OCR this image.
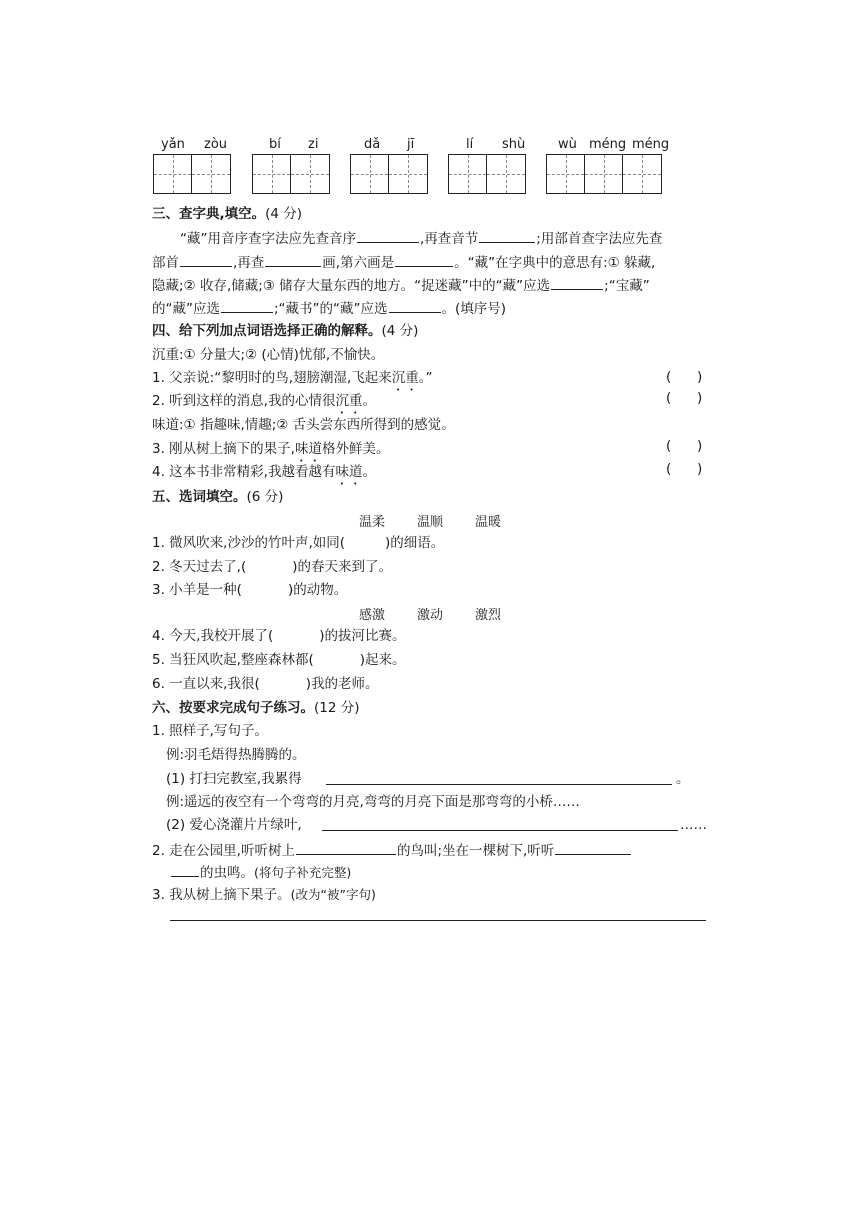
yǎn zòu	bí zi	dǎ jī	lí shù	wù méng méng
三、查字典,填空。(4 分)
“藏”用音序查字法应先查音序	,再查音节	;用部首查字法应先查
部首	,再查	画,第六画是	。“藏”在字典中的意思有:① 躲藏,
隐藏;② 收存,储藏;③ 储存大量东西的地方。“捉迷藏”中的“藏”应选	;“宝藏”
的“藏”应选	;“藏书”的“藏”应选	。(填序号)
四、给下列加点词语选择正确的解释。(4 分)
沉重:① 分量大;② (心情)忧郁,不愉快。
1. 父亲说:“黎明时的鸟,翅膀潮湿,飞起来沉重。”	(      )
2. 听到这样的消息,我的心情很沉重。	(      )
味道:① 指趣味,情趣;② 舌头尝东西所得到的感觉。
3. 刚从树上摘下的果子,味道格外鲜美。	(      )
4. 这本书非常精彩,我越看越有味道。	(      )
五、选词填空。(6 分)
温柔 温顺 温暖
1. 微风吹来,沙沙的竹叶声,如同(	)的细语。
2. 冬天过去了,(	)的春天来到了。
3. 小羊是一种(	)的动物。
感激 激动 激烈
4. 今天,我校开展了(	)的拔河比赛。
5. 当狂风吹起,整座森林都(	)起来。
6. 一直以来,我很(	)我的老师。
六、按要求完成句子练习。(12 分)
1. 照样子,写句子。
例:羽毛焐得热腾腾的。
(1) 打扫完教室,我累得	。
例:遥远的夜空有一个弯弯的月亮,弯弯的月亮下面是那弯弯的小桥……
(2) 爱心浇灌片片绿叶,	……
2. 走在公园里,听听树上	的鸟叫;坐在一棵树下,听听
的虫鸣。(将句子补充完整)
3. 我从树上摘下果子。(改为“被”字句)
